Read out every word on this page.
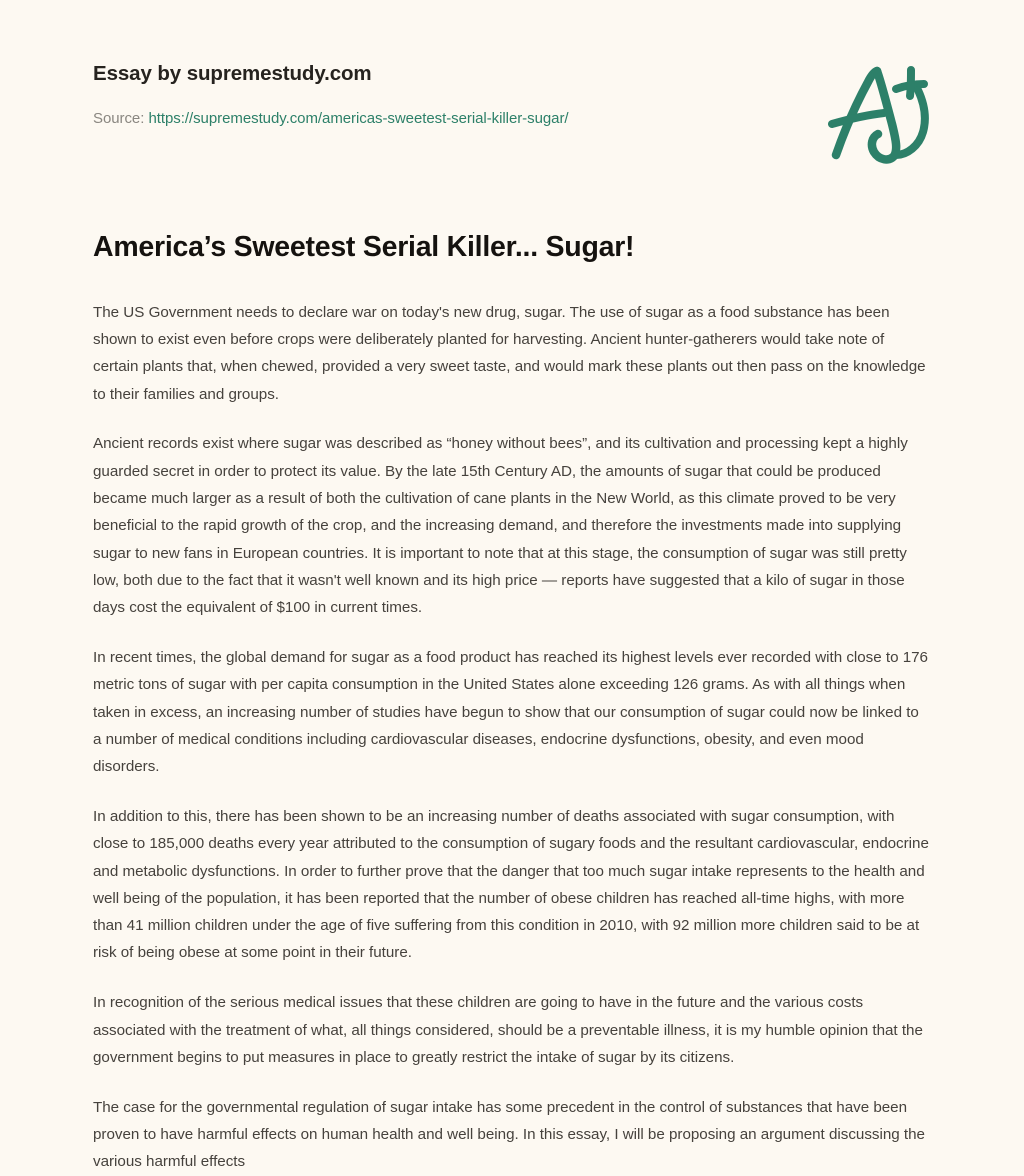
Essay by supremestudy.com
Source: https://supremestudy.com/americas-sweetest-serial-killer-sugar/
America’s Sweetest Serial Killer... Sugar!

The US Government needs to declare war on today's new drug, sugar. The use of sugar as a food substance has been shown to exist even before crops were deliberately planted for harvesting. Ancient hunter-gatherers would take note of certain plants that, when chewed, provided a very sweet taste, and would mark these plants out then pass on the knowledge to their families and groups.

Ancient records exist where sugar was described as “honey without bees”, and its cultivation and processing kept a highly guarded secret in order to protect its value. By the late 15th Century AD, the amounts of sugar that could be produced became much larger as a result of both the cultivation of cane plants in the New World, as this climate proved to be very beneficial to the rapid growth of the crop, and the increasing demand, and therefore the investments made into supplying sugar to new fans in European countries. It is important to note that at this stage, the consumption of sugar was still pretty low, both due to the fact that it wasn't well known and its high price — reports have suggested that a kilo of sugar in those days cost the equivalent of $100 in current times.

In recent times, the global demand for sugar as a food product has reached its highest levels ever recorded with close to 176 metric tons of sugar with per capita consumption in the United States alone exceeding 126 grams. As with all things when taken in excess, an increasing number of studies have begun to show that our consumption of sugar could now be linked to a number of medical conditions including cardiovascular diseases, endocrine dysfunctions, obesity, and even mood disorders.

In addition to this, there has been shown to be an increasing number of deaths associated with sugar consumption, with close to 185,000 deaths every year attributed to the consumption of sugary foods and the resultant cardiovascular, endocrine and metabolic dysfunctions. In order to further prove that the danger that too much sugar intake represents to the health and well being of the population, it has been reported that the number of obese children has reached all-time highs, with more than 41 million children under the age of five suffering from this condition in 2010, with 92 million more children said to be at risk of being obese at some point in their future.

In recognition of the serious medical issues that these children are going to have in the future and the various costs associated with the treatment of what, all things considered, should be a preventable illness, it is my humble opinion that the government begins to put measures in place to greatly restrict the intake of sugar by its citizens.

The case for the governmental regulation of sugar intake has some precedent in the control of substances that have been proven to have harmful effects on human health and well being. In this essay, I will be proposing an argument discussing the various harmful effects
